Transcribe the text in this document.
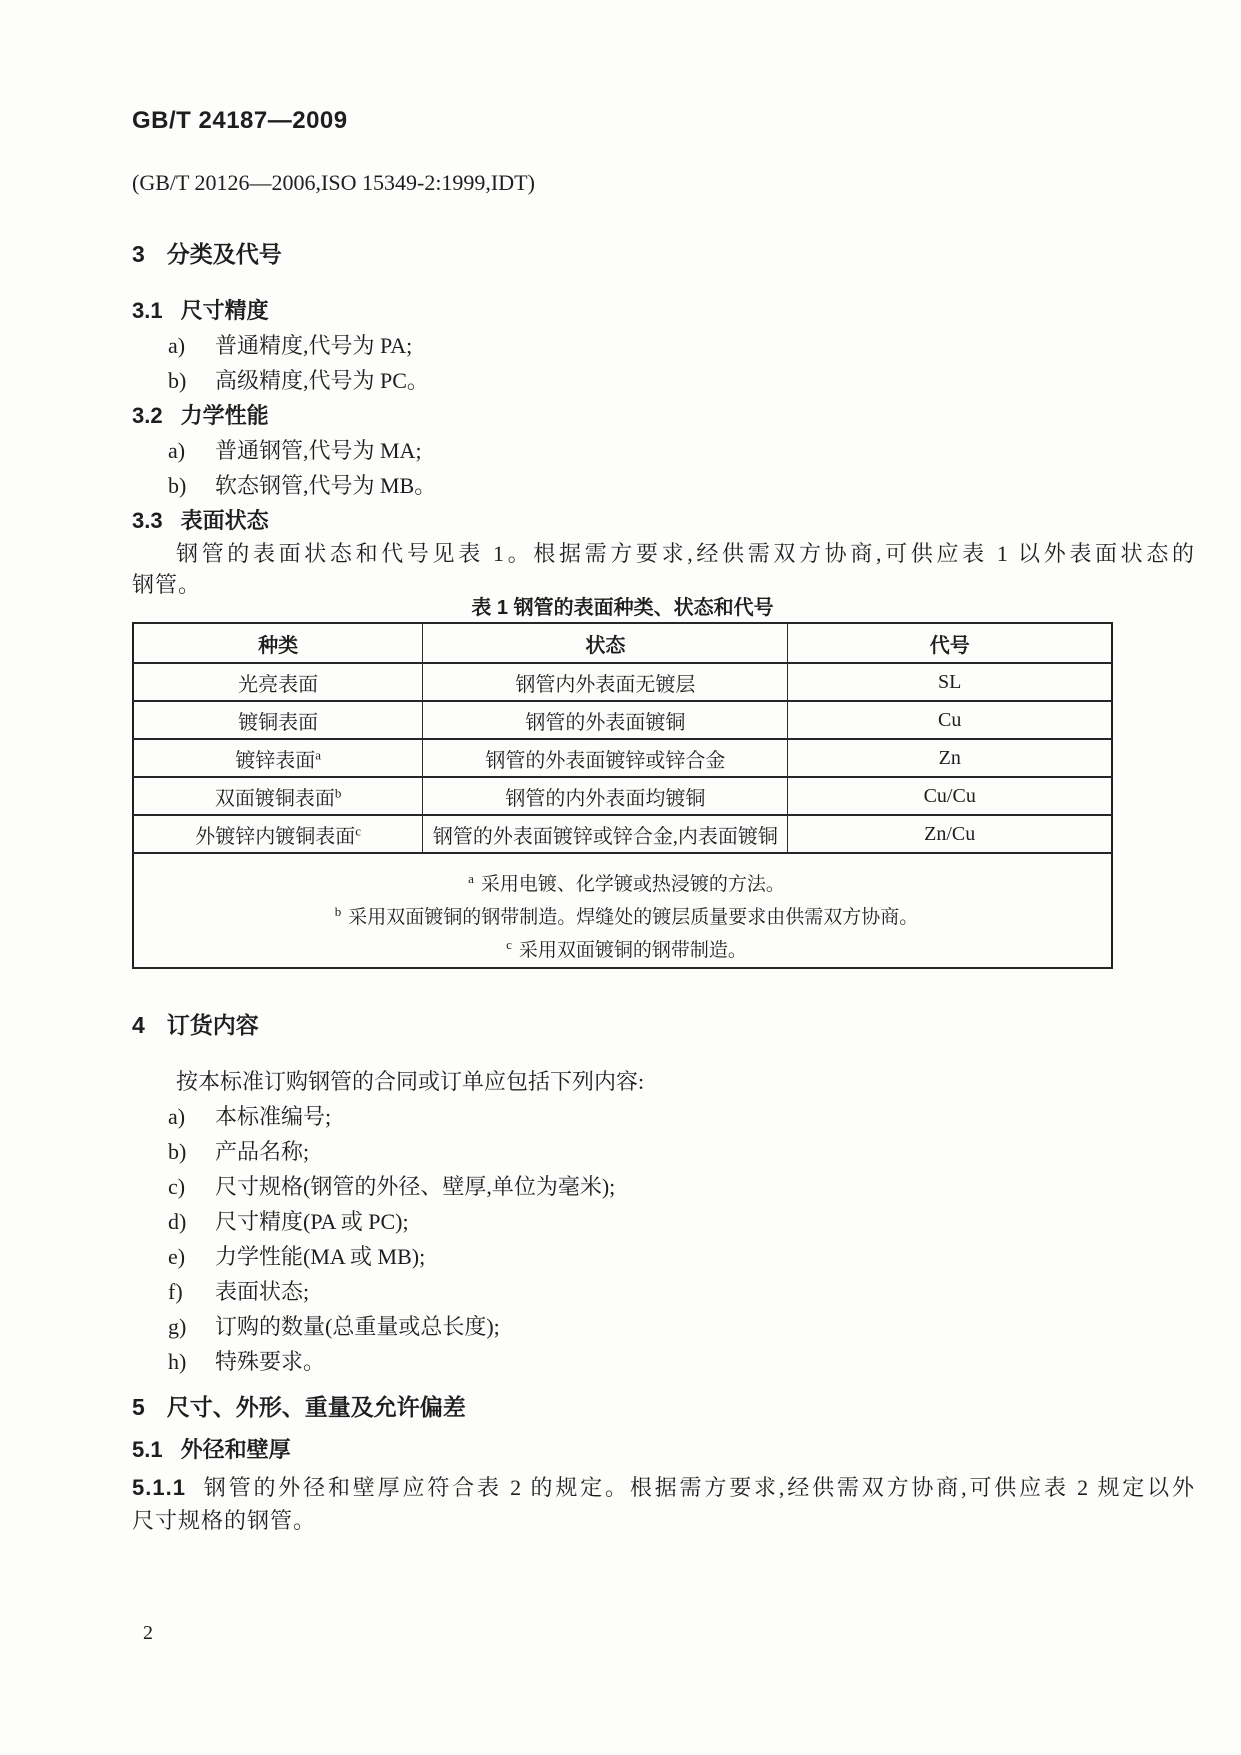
GB/T 24187—2009
(GB/T 20126—2006,ISO 15349-2:1999,IDT)
3 分类及代号
3.1 尺寸精度
a) 普通精度,代号为 PA;
b) 高级精度,代号为 PC。
3.2 力学性能
a) 普通钢管,代号为 MA;
b) 软态钢管,代号为 MB。
3.3 表面状态
钢管的表面状态和代号见表 1。根据需方要求,经供需双方协商,可供应表 1 以外表面状态的
钢管。
表 1 钢管的表面种类、状态和代号
种类	状态	代号
光亮表面	钢管内外表面无镀层	SL
镀铜表面	钢管的外表面镀铜	Cu
镀锌表面$^a$	钢管的外表面镀锌或锌合金	Zn
双面镀铜表面$^b$	钢管的内外表面均镀铜	Cu/Cu
外镀锌内镀铜表面$^c$	钢管的外表面镀锌或锌合金,内表面镀铜	Zn/Cu

$^a$ 采用电镀、化学镀或热浸镀的方法。
$^b$ 采用双面镀铜的钢带制造。焊缝处的镀层质量要求由供需双方协商。
$^c$ 采用双面镀铜的钢带制造。		
4 订货内容
按本标准订购钢管的合同或订单应包括下列内容:
a) 本标准编号;
b) 产品名称;
c) 尺寸规格(钢管的外径、壁厚,单位为毫米);
d) 尺寸精度(PA 或 PC);
e) 力学性能(MA 或 MB);
f) 表面状态;
g) 订购的数量(总重量或总长度);
h) 特殊要求。
5 尺寸、外形、重量及允许偏差
5.1 外径和壁厚
5.1.1 钢管的外径和壁厚应符合表 2 的规定。根据需方要求,经供需双方协商,可供应表 2 规定以外
尺寸规格的钢管。
2
